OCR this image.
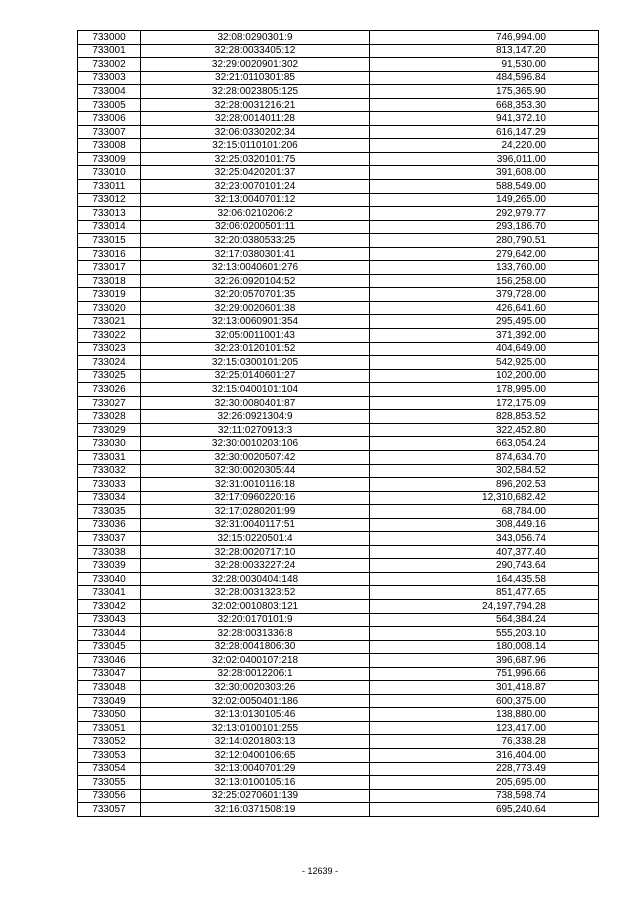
733000	32:08:0290301:9	746,994.00
733001	32:28:0033405:12	813,147.20
733002	32:29:0020901:302	91,530.00
733003	32:21:0110301:85	484,596.84
733004	32:28:0023805:125	175,365.90
733005	32:28:0031216:21	668,353.30
733006	32:28:0014011:28	941,372.10
733007	32:06:0330202:34	616,147.29
733008	32:15:0110101:206	24,220.00
733009	32:25:0320101:75	396,011.00
733010	32:25:0420201:37	391,608.00
733011	32:23:0070101:24	588,549.00
733012	32:13:0040701:12	149,265.00
733013	32:06:0210206:2	292,979.77
733014	32:06:0200501:11	293,186.70
733015	32:20:0380533:25	280,790.51
733016	32:17:0380301:41	279,642.00
733017	32:13:0040601:276	133,760.00
733018	32:26:0920104:52	156,258.00
733019	32:20:0570701:35	379,728.00
733020	32:29:0020601:38	426,641.60
733021	32:13:0060901:354	295,495.00
733022	32:05:0011001:43	371,392.00
733023	32:23:0120101:52	404,649.00
733024	32:15:0300101:205	542,925.00
733025	32:25:0140601:27	102,200.00
733026	32:15:0400101:104	178,995.00
733027	32:30:0080401:87	172,175.09
733028	32:26:0921304:9	828,853.52
733029	32:11:0270913:3	322,452.80
733030	32:30:0010203:106	663,054.24
733031	32:30:0020507:42	874,634.70
733032	32:30:0020305:44	302,584.52
733033	32:31:0010116:18	896,202.53
733034	32:17:0960220:16	12,310,682.42
733035	32:17:0280201:99	68,784.00
733036	32:31:0040117:51	308,449.16
733037	32:15:0220501:4	343,056.74
733038	32:28:0020717:10	407,377.40
733039	32:28:0033227:24	290,743.64
733040	32:28:0030404:148	164,435.58
733041	32:28:0031323:52	851,477.65
733042	32:02:0010803:121	24,197,794.28
733043	32:20:0170101:9	564,384.24
733044	32:28:0031336:8	555,203.10
733045	32:28:0041806:30	180,008.14
733046	32:02:0400107:218	396,687.96
733047	32:28:0012206:1	751,996.66
733048	32:30:0020303:26	301,418.87
733049	32:02:0050401:186	600,375.00
733050	32:13:0130105:46	138,880.00
733051	32:13:0100101:255	123,417.00
733052	32:14:0201803:13	76,338.28
733053	32:12:0400106:65	316,404.00
733054	32:13:0040701:29	228,773.49
733055	32:13:0100105:16	205,695.00
733056	32:25:0270601:139	738,598.74
733057	32:16:0371508:19	695,240.64
- 12639 -
